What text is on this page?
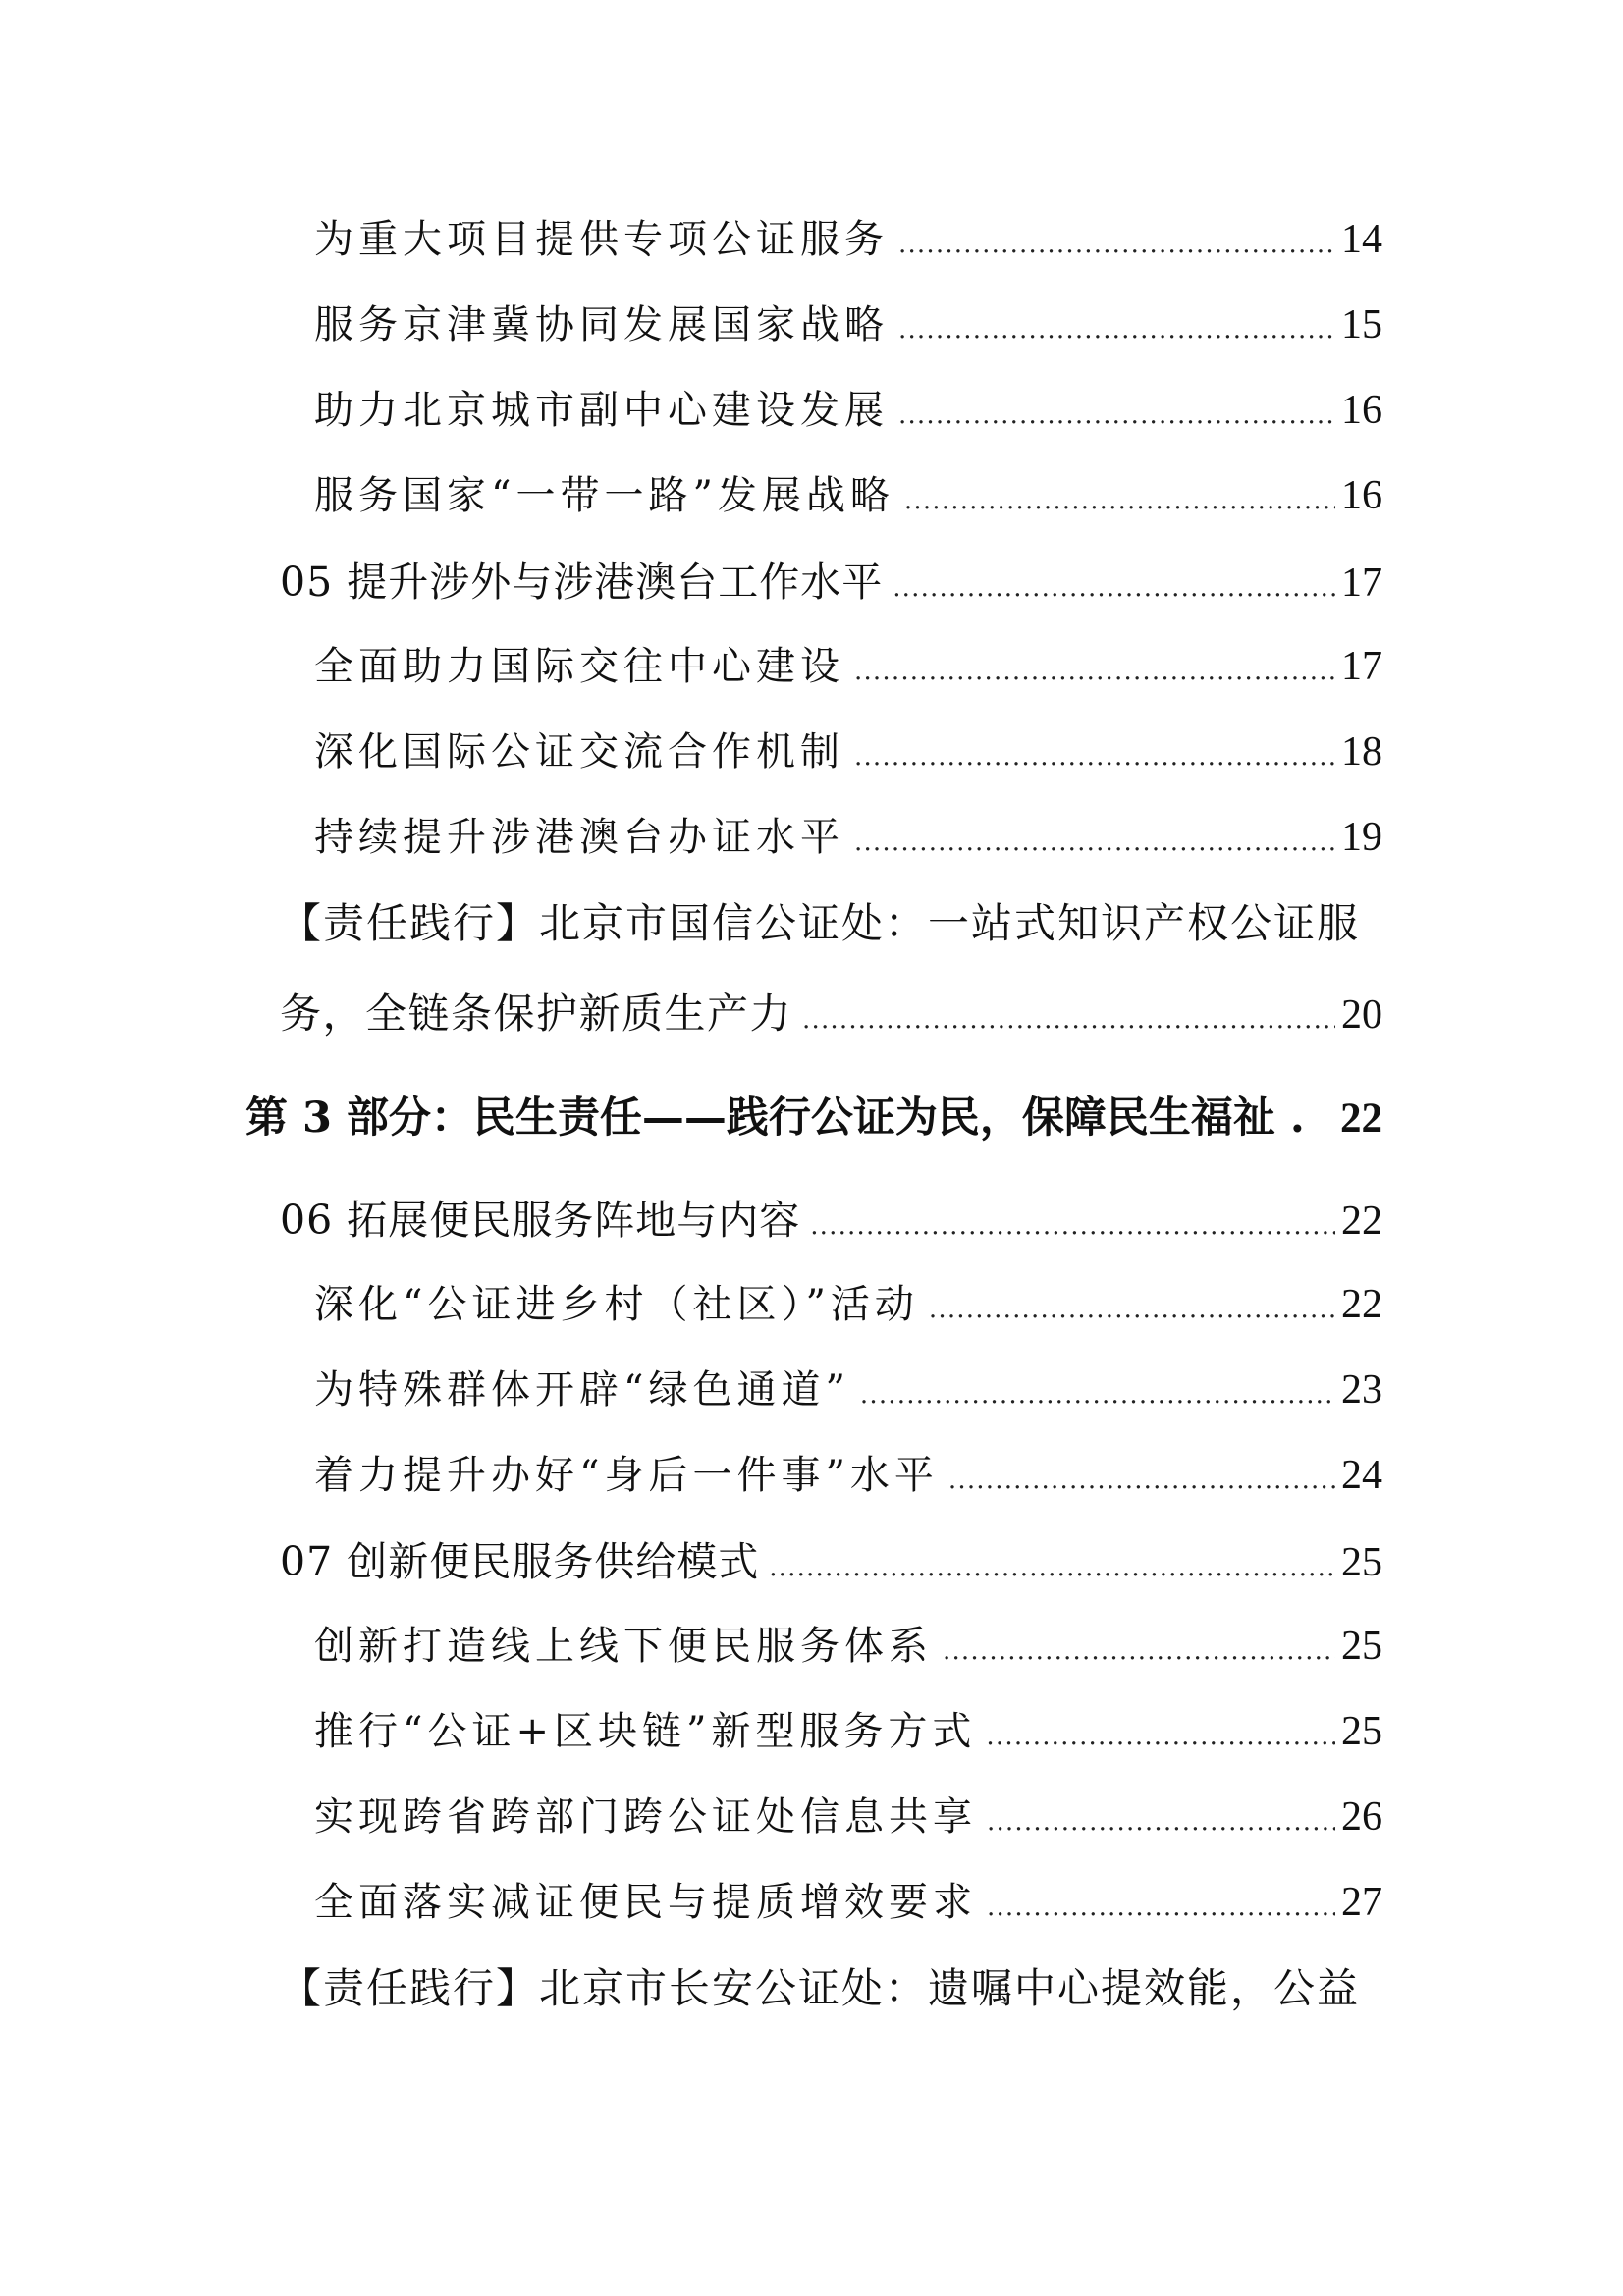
为重大项目提供专项公证服务 .....	14
服务京津冀协同发展国家战略 .....	15
助力北京城市副中心建设发展 .....	16
服务国家“一带一路”发展战略 .....	16
05 提升涉外与涉港澳台工作水平 .....	17
全面助力国际交往中心建设 .....	17
深化国际公证交流合作机制 .....	18
持续提升涉港澳台办证水平 .....	19
【责任践行】北京市国信公证处：一站式知识产权公证服
务，全链条保护新质生产力 .....	20
第 3 部分：民生责任——践行公证为民，保障民生福祉 . 22
06 拓展便民服务阵地与内容 .....	22
深化“公证进乡村（社区）”活动 .....	22
为特殊群体开辟“绿色通道” .....	23
着力提升办好“身后一件事”水平 .....	24
07 创新便民服务供给模式 .....	25
创新打造线上线下便民服务体系 .....	25
推行“公证+区块链”新型服务方式 .....	25
实现跨省跨部门跨公证处信息共享 .....	26
全面落实减证便民与提质增效要求 .....	27
【责任践行】北京市长安公证处：遗嘱中心提效能，公益
